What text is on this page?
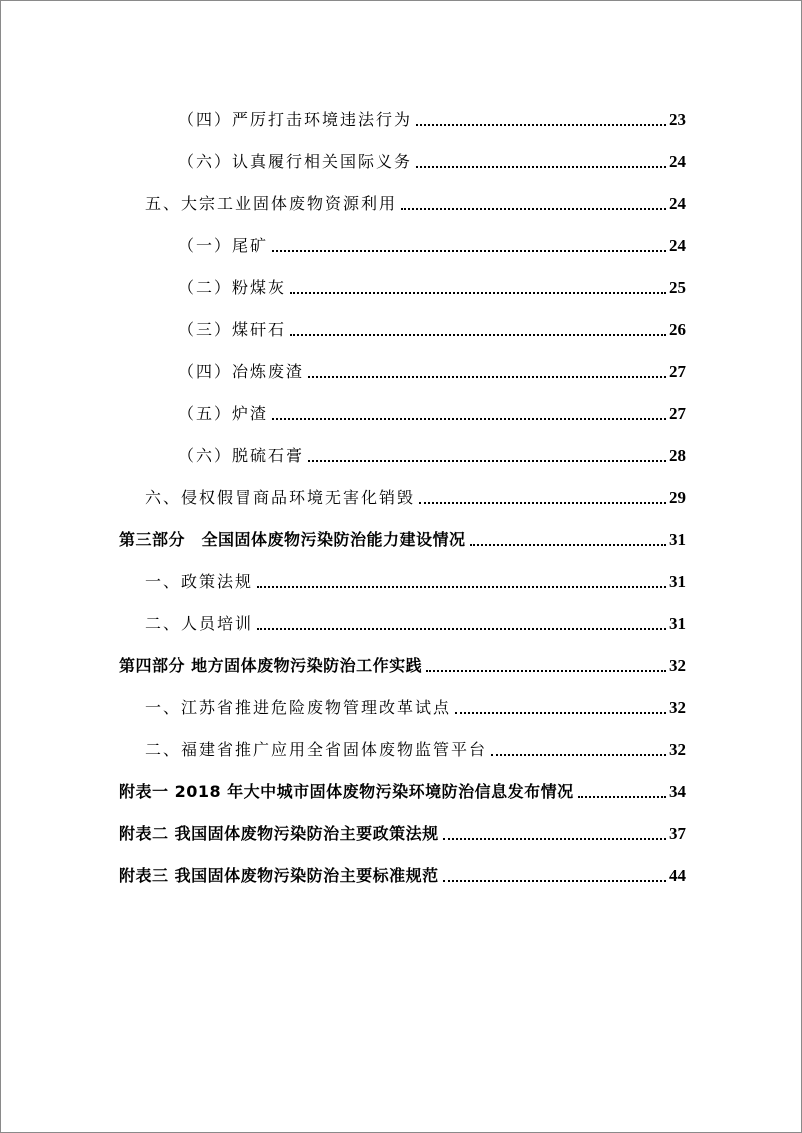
（四）严厉打击环境违法行为	23
（六）认真履行相关国际义务	24
五、大宗工业固体废物资源利用	24
（一）尾矿	24
（二）粉煤灰	25
（三）煤矸石	26
（四）冶炼废渣	27
（五）炉渣	27
（六）脱硫石膏	28
六、侵权假冒商品环境无害化销毁	29
第三部分　全国固体废物污染防治能力建设情况	31
一、政策法规	31
二、人员培训	31
第四部分 地方固体废物污染防治工作实践	32
一、江苏省推进危险废物管理改革试点	32
二、福建省推广应用全省固体废物监管平台	32
附表一 2018 年大中城市固体废物污染环境防治信息发布情况	34
附表二 我国固体废物污染防治主要政策法规	37
附表三 我国固体废物污染防治主要标准规范	44
